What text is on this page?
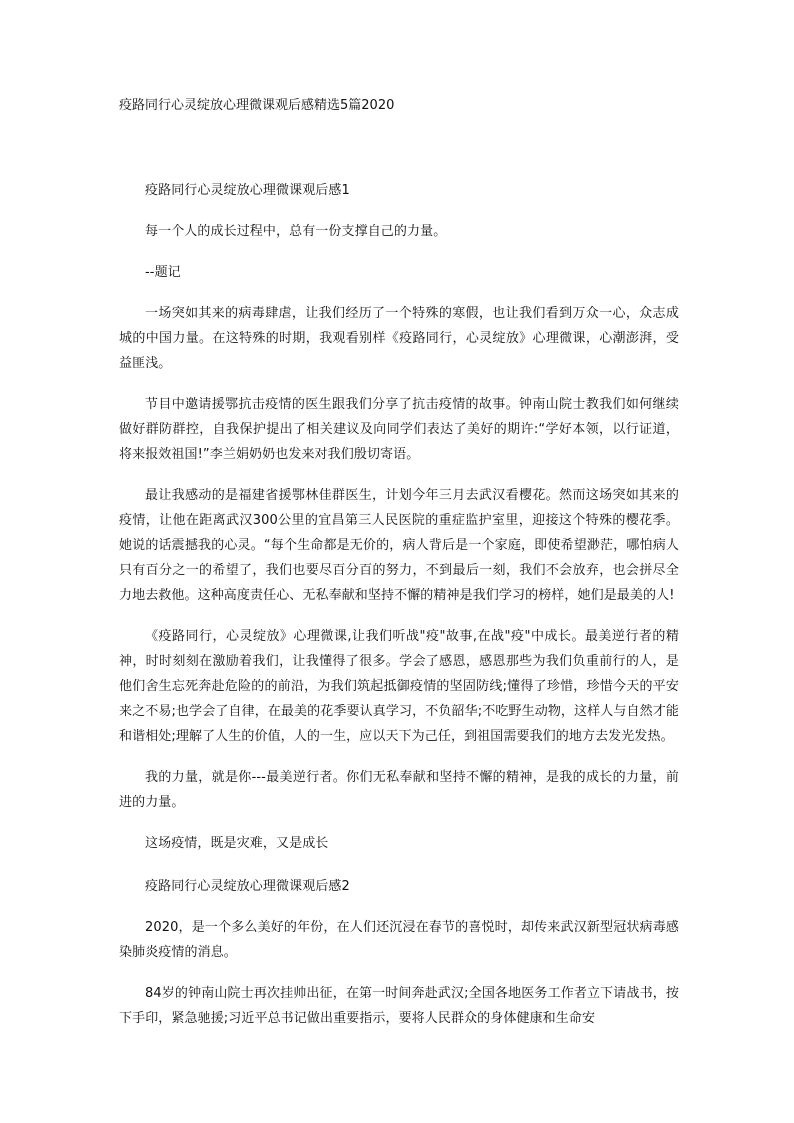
疫路同行心灵绽放心理微课观后感精选5篇2020

疫路同行心灵绽放心理微课观后感1

每一个人的成长过程中，总有一份支撑自己的力量。

--题记

一场突如其来的病毒肆虐，让我们经历了一个特殊的寒假，也让我们看到万众一心，众志成城的中国力量。在这特殊的时期，我观看别样《疫路同行，心灵绽放》心理微课，心潮澎湃，受益匪浅。

节目中邀请援鄂抗击疫情的医生跟我们分享了抗击疫情的故事。钟南山院士教我们如何继续做好群防群控，自我保护提出了相关建议及向同学们表达了美好的期许:“学好本领，以行证道，将来报效祖国!”李兰娟奶奶也发来对我们殷切寄语。

最让我感动的是福建省援鄂林佳群医生，计划今年三月去武汉看樱花。然而这场突如其来的疫情，让他在距离武汉300公里的宜昌第三人民医院的重症监护室里，迎接这个特殊的樱花季。她说的话震撼我的心灵。“每个生命都是无价的，病人背后是一个家庭，即使希望渺茫，哪怕病人只有百分之一的希望了，我们也要尽百分百的努力，不到最后一刻，我们不会放弃，也会拼尽全力地去救他。这种高度责任心、无私奉献和坚持不懈的精神是我们学习的榜样，她们是最美的人!

《疫路同行，心灵绽放》心理微课,让我们听战"疫"故事,在战"疫"中成长。最美逆行者的精神，时时刻刻在激励着我们，让我懂得了很多。学会了感恩，感恩那些为我们负重前行的人，是他们舍生忘死奔赴危险的的前沿，为我们筑起抵御疫情的坚固防线;懂得了珍惜，珍惜今天的平安来之不易;也学会了自律，在最美的花季要认真学习，不负韶华;不吃野生动物，这样人与自然才能和谐相处;理解了人生的价值，人的一生，应以天下为己任，到祖国需要我们的地方去发光发热。

我的力量，就是你---最美逆行者。你们无私奉献和坚持不懈的精神，是我的成长的力量，前进的力量。

这场疫情，既是灾难，又是成长

疫路同行心灵绽放心理微课观后感2

2020，是一个多么美好的年份，在人们还沉浸在春节的喜悦时，却传来武汉新型冠状病毒感染肺炎疫情的消息。

84岁的钟南山院士再次挂帅出征，在第一时间奔赴武汉;全国各地医务工作者立下请战书，按下手印，紧急驰援;习近平总书记做出重要指示，要将人民群众的身体健康和生命安
